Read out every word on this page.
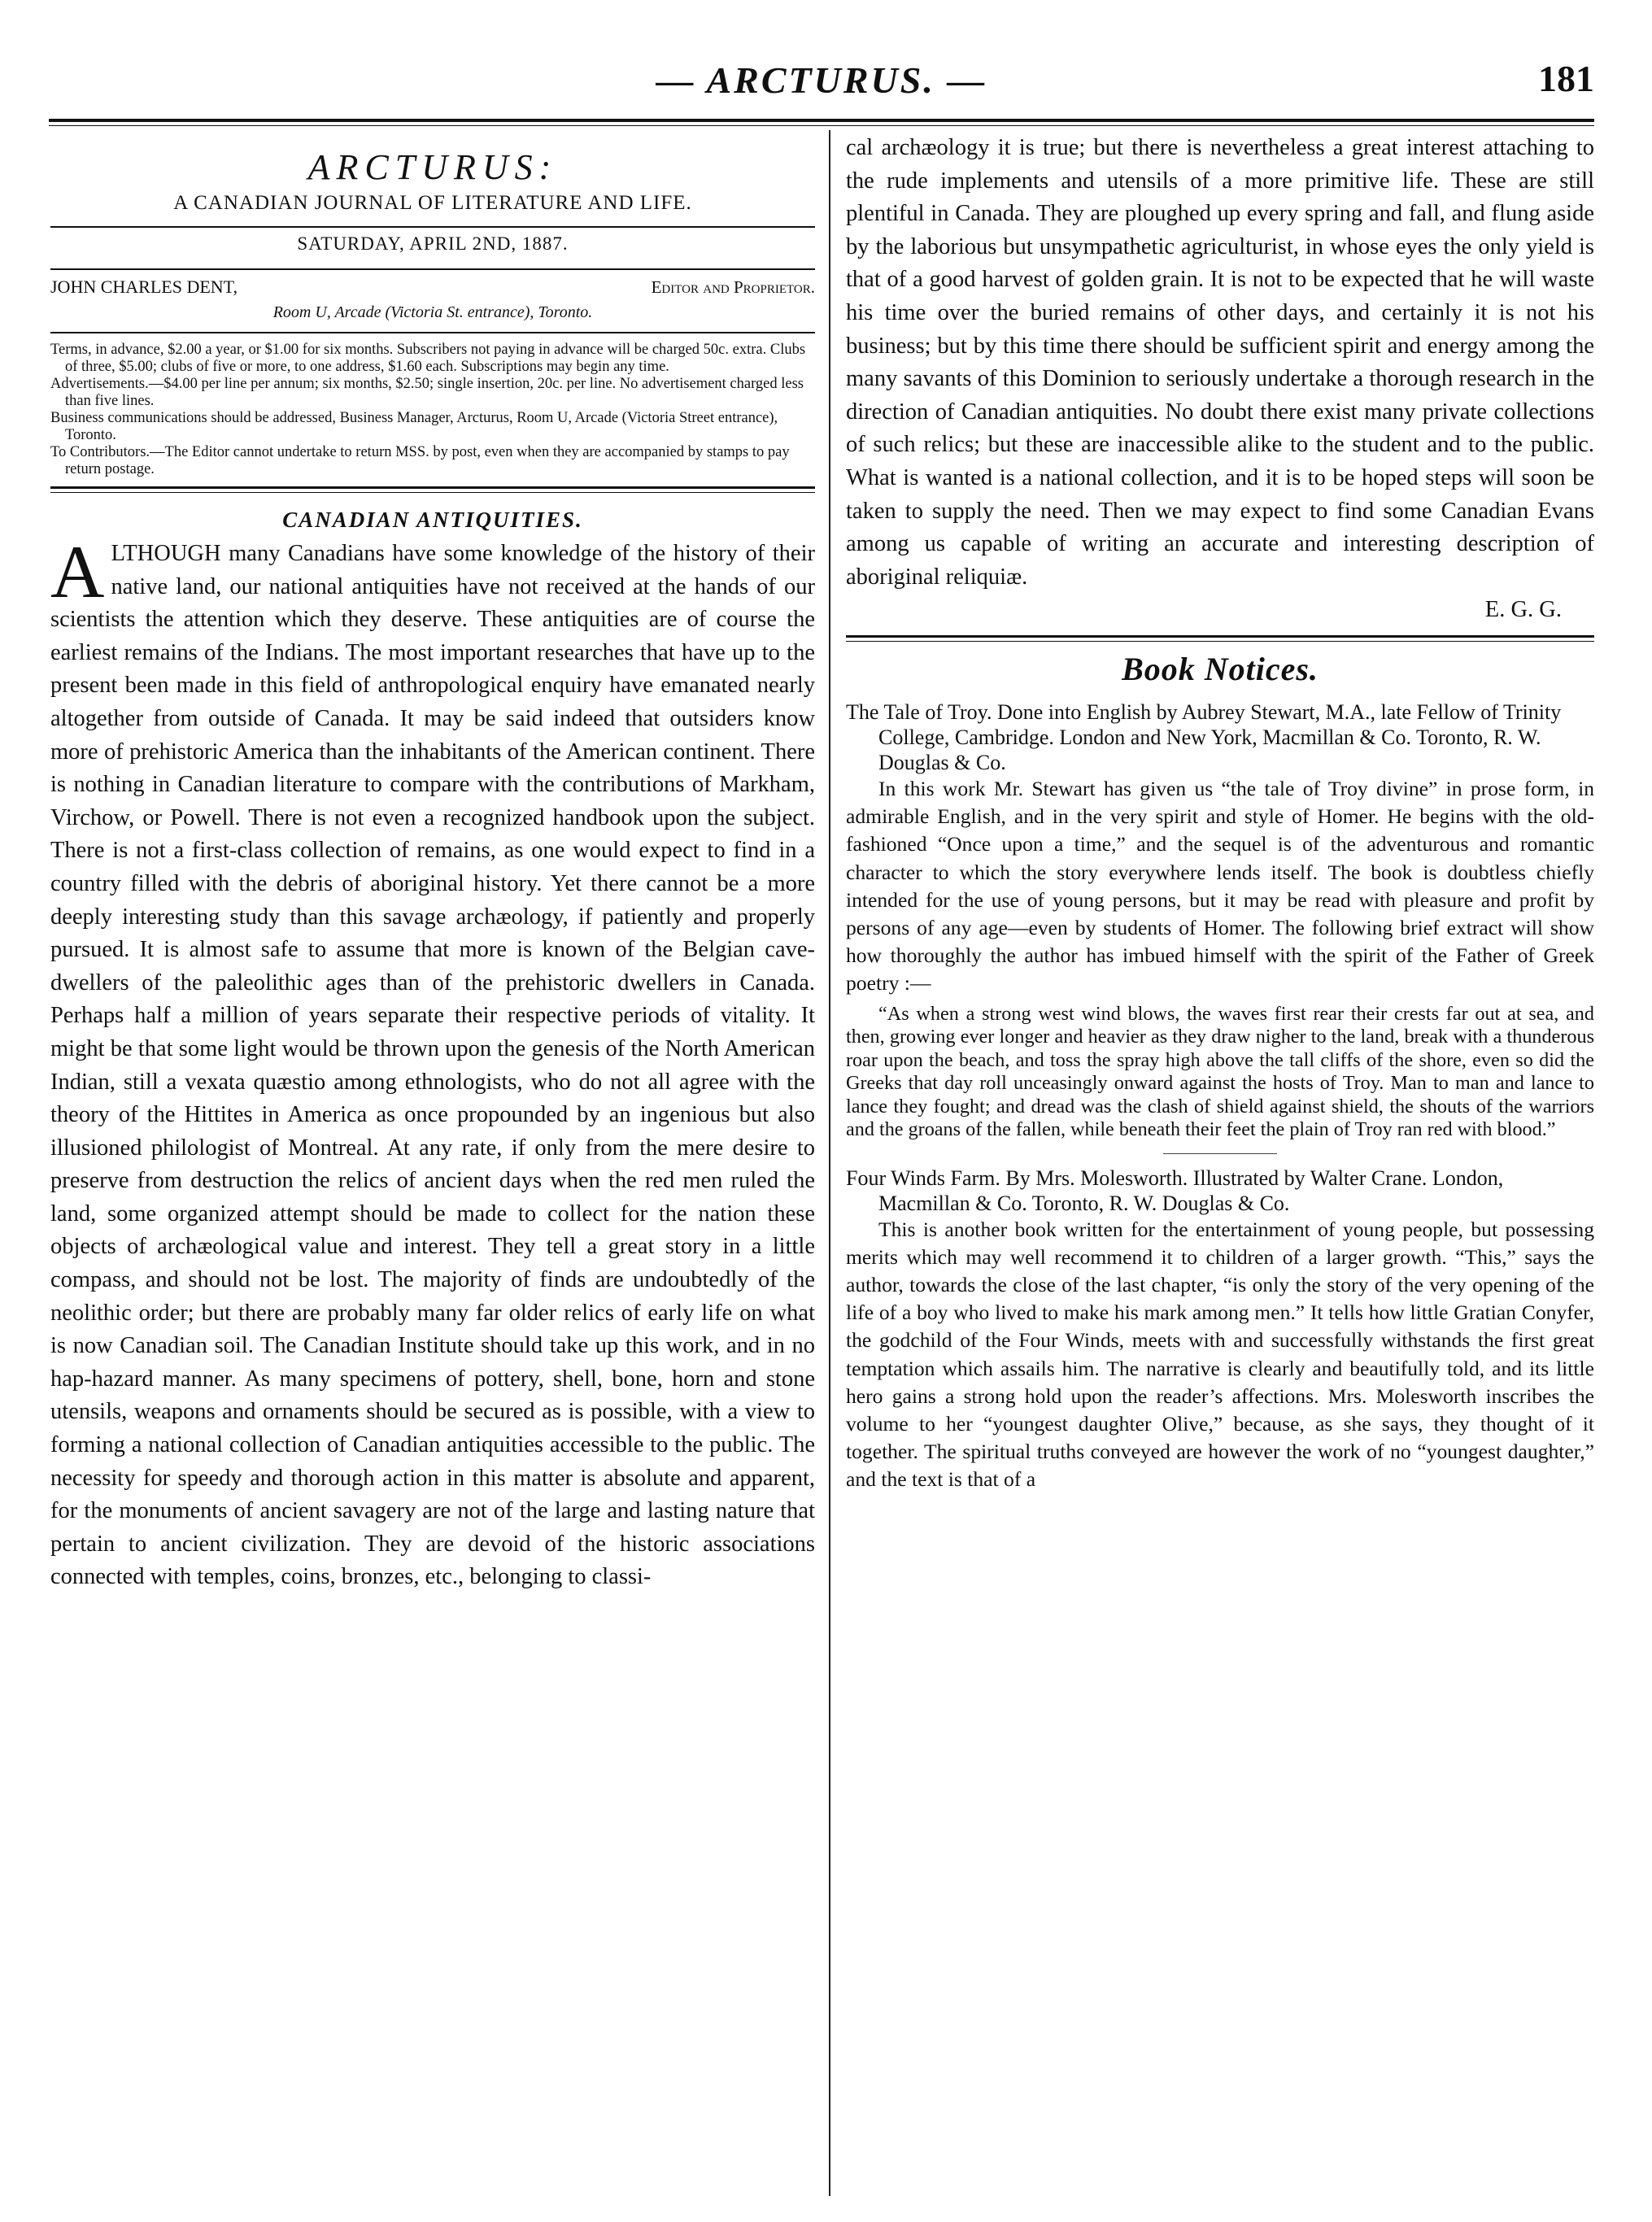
— ARCTURUS. —	181
ARCTURUS:
A CANADIAN JOURNAL OF LITERATURE AND LIFE.
SATURDAY, APRIL 2ND, 1887.
JOHN CHARLES DENT,	Editor and Proprietor.
Room U, Arcade (Victoria St. entrance), Toronto.

Terms, in advance, $2.00 a year, or $1.00 for six months. Subscribers not paying in advance will be charged 50c. extra. Clubs of three, $5.00; clubs of five or more, to one address, $1.60 each. Subscriptions may begin any time.

Advertisements.—$4.00 per line per annum; six months, $2.50; single insertion, 20c. per line. No advertisement charged less than five lines.

Business communications should be addressed, Business Manager, Arcturus, Room U, Arcade (Victoria Street entrance), Toronto.

To Contributors.—The Editor cannot undertake to return MSS. by post, even when they are accompanied by stamps to pay return postage.

CANADIAN ANTIQUITIES.

ALTHOUGH many Canadians have some knowledge of the history of their native land, our national antiquities have not received at the hands of our scientists the attention which they deserve. These antiquities are of course the earliest remains of the Indians. The most important researches that have up to the present been made in this field of anthropological enquiry have emanated nearly altogether from outside of Canada. It may be said indeed that outsiders know more of prehistoric America than the inhabitants of the American continent. There is nothing in Canadian literature to compare with the contributions of Markham, Virchow, or Powell. There is not even a recognized handbook upon the subject. There is not a first-class collection of remains, as one would expect to find in a country filled with the debris of aboriginal history. Yet there cannot be a more deeply interesting study than this savage archæology, if patiently and properly pursued. It is almost safe to assume that more is known of the Belgian cave-dwellers of the paleolithic ages than of the prehistoric dwellers in Canada. Perhaps half a million of years separate their respective periods of vitality. It might be that some light would be thrown upon the genesis of the North American Indian, still a vexata quæstio among ethnologists, who do not all agree with the theory of the Hittites in America as once propounded by an ingenious but also illusioned philologist of Montreal. At any rate, if only from the mere desire to preserve from destruction the relics of ancient days when the red men ruled the land, some organized attempt should be made to collect for the nation these objects of archæological value and interest. They tell a great story in a little compass, and should not be lost. The majority of finds are undoubtedly of the neolithic order; but there are probably many far older relics of early life on what is now Canadian soil. The Canadian Institute should take up this work, and in no hap-hazard manner. As many specimens of pottery, shell, bone, horn and stone utensils, weapons and ornaments should be secured as is possible, with a view to forming a national collection of Canadian antiquities accessible to the public. The necessity for speedy and thorough action in this matter is absolute and apparent, for the monuments of ancient savagery are not of the large and lasting nature that pertain to ancient civilization. They are devoid of the historic associations connected with temples, coins, bronzes, etc., belonging to classi-

cal archæology it is true; but there is nevertheless a great interest attaching to the rude implements and utensils of a more primitive life. These are still plentiful in Canada. They are ploughed up every spring and fall, and flung aside by the laborious but unsympathetic agriculturist, in whose eyes the only yield is that of a good harvest of golden grain. It is not to be expected that he will waste his time over the buried remains of other days, and certainly it is not his business; but by this time there should be sufficient spirit and energy among the many savants of this Dominion to seriously undertake a thorough research in the direction of Canadian antiquities. No doubt there exist many private collections of such relics; but these are inaccessible alike to the student and to the public. What is wanted is a national collection, and it is to be hoped steps will soon be taken to supply the need. Then we may expect to find some Canadian Evans among us capable of writing an accurate and interesting description of aboriginal reliquiæ.

E. G. G.
Book Notices.
The Tale of Troy. Done into English by Aubrey Stewart, M.A., late Fellow of Trinity College, Cambridge. London and New York, Macmillan & Co. Toronto, R. W. Douglas & Co.

In this work Mr. Stewart has given us “the tale of Troy divine” in prose form, in admirable English, and in the very spirit and style of Homer. He begins with the old-fashioned “Once upon a time,” and the sequel is of the adventurous and romantic character to which the story everywhere lends itself. The book is doubtless chiefly intended for the use of young persons, but it may be read with pleasure and profit by persons of any age—even by students of Homer. The following brief extract will show how thoroughly the author has imbued himself with the spirit of the Father of Greek poetry :—

“As when a strong west wind blows, the waves first rear their crests far out at sea, and then, growing ever longer and heavier as they draw nigher to the land, break with a thunderous roar upon the beach, and toss the spray high above the tall cliffs of the shore, even so did the Greeks that day roll unceasingly onward against the hosts of Troy. Man to man and lance to lance they fought; and dread was the clash of shield against shield, the shouts of the warriors and the groans of the fallen, while beneath their feet the plain of Troy ran red with blood.”

Four Winds Farm. By Mrs. Molesworth. Illustrated by Walter Crane. London, Macmillan & Co. Toronto, R. W. Douglas & Co.

This is another book written for the entertainment of young people, but possessing merits which may well recommend it to children of a larger growth. “This,” says the author, towards the close of the last chapter, “is only the story of the very opening of the life of a boy who lived to make his mark among men.” It tells how little Gratian Conyfer, the godchild of the Four Winds, meets with and successfully withstands the first great temptation which assails him. The narrative is clearly and beautifully told, and its little hero gains a strong hold upon the reader’s affections. Mrs. Molesworth inscribes the volume to her “youngest daughter Olive,” because, as she says, they thought of it together. The spiritual truths conveyed are however the work of no “youngest daughter,” and the text is that of a
